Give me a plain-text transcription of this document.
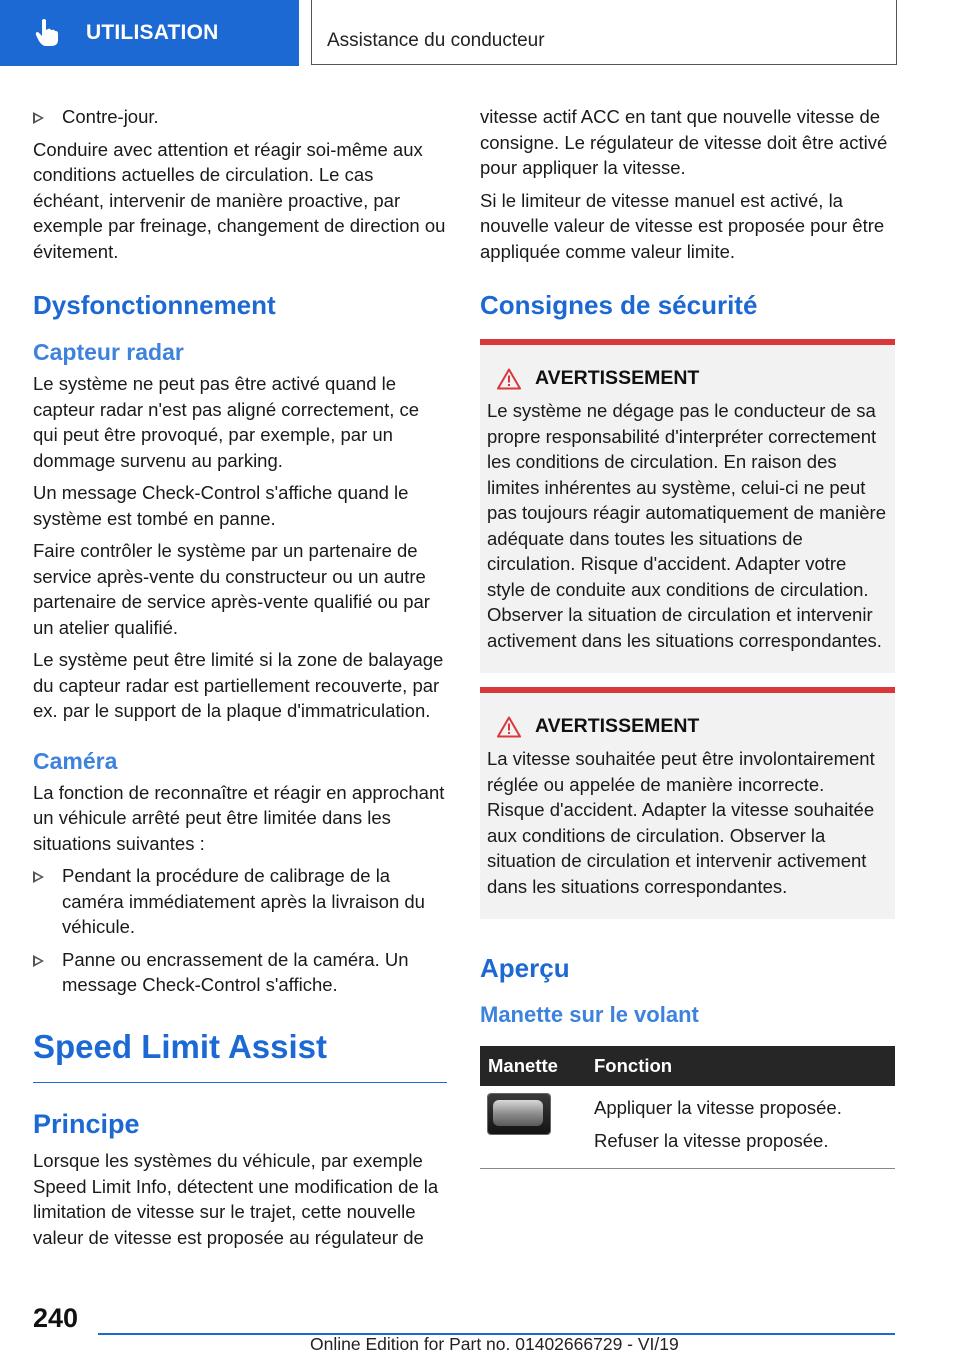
UTILISATION	Assistance du conducteur
Contre-jour.

Conduire avec attention et réagir soi-même aux conditions actuelles de circulation. Le cas échéant, intervenir de manière proactive, par exemple par freinage, changement de direction ou évitement.

Dysfonctionnement
Capteur radar

Le système ne peut pas être activé quand le capteur radar n'est pas aligné correctement, ce qui peut être provoqué, par exemple, par un dommage survenu au parking.

Un message Check-Control s'affiche quand le système est tombé en panne.

Faire contrôler le système par un partenaire de service après-vente du constructeur ou un autre partenaire de service après-vente qualifié ou par un atelier qualifié.

Le système peut être limité si la zone de balayage du capteur radar est partiellement recouverte, par ex. par le support de la plaque d'immatriculation.

Caméra

La fonction de reconnaître et réagir en approchant un véhicule arrêté peut être limitée dans les situations suivantes :

Pendant la procédure de calibrage de la caméra immédiatement après la livraison du véhicule.
Panne ou encrassement de la caméra. Un message Check-Control s'affiche.
Speed Limit Assist
Principe

Lorsque les systèmes du véhicule, par exemple Speed Limit Info, détectent une modification de la limitation de vitesse sur le trajet, cette nouvelle valeur de vitesse est proposée au régulateur de

vitesse actif ACC en tant que nouvelle vitesse de consigne. Le régulateur de vitesse doit être activé pour appliquer la vitesse.

Si le limiteur de vitesse manuel est activé, la nouvelle valeur de vitesse est proposée pour être appliquée comme valeur limite.

Consignes de sécurité
AVERTISSEMENT

Le système ne dégage pas le conducteur de sa propre responsabilité d'interpréter correctement les conditions de circulation. En raison des limites inhérentes au système, celui-ci ne peut pas toujours réagir automatiquement de manière adéquate dans toutes les situations de circulation. Risque d'accident. Adapter votre style de conduite aux conditions de circulation. Observer la situation de circulation et intervenir activement dans les situations correspondantes.

AVERTISSEMENT

La vitesse souhaitée peut être involontairement réglée ou appelée de manière incorrecte. Risque d'accident. Adapter la vitesse souhaitée aux conditions de circulation. Observer la situation de circulation et intervenir activement dans les situations correspondantes.

Aperçu
Manette sur le volant
Manette	Fonction

	Appliquer la vitesse proposée.

Refuser la vitesse proposée.

240
Online Edition for Part no. 01402666729 - VI/19
